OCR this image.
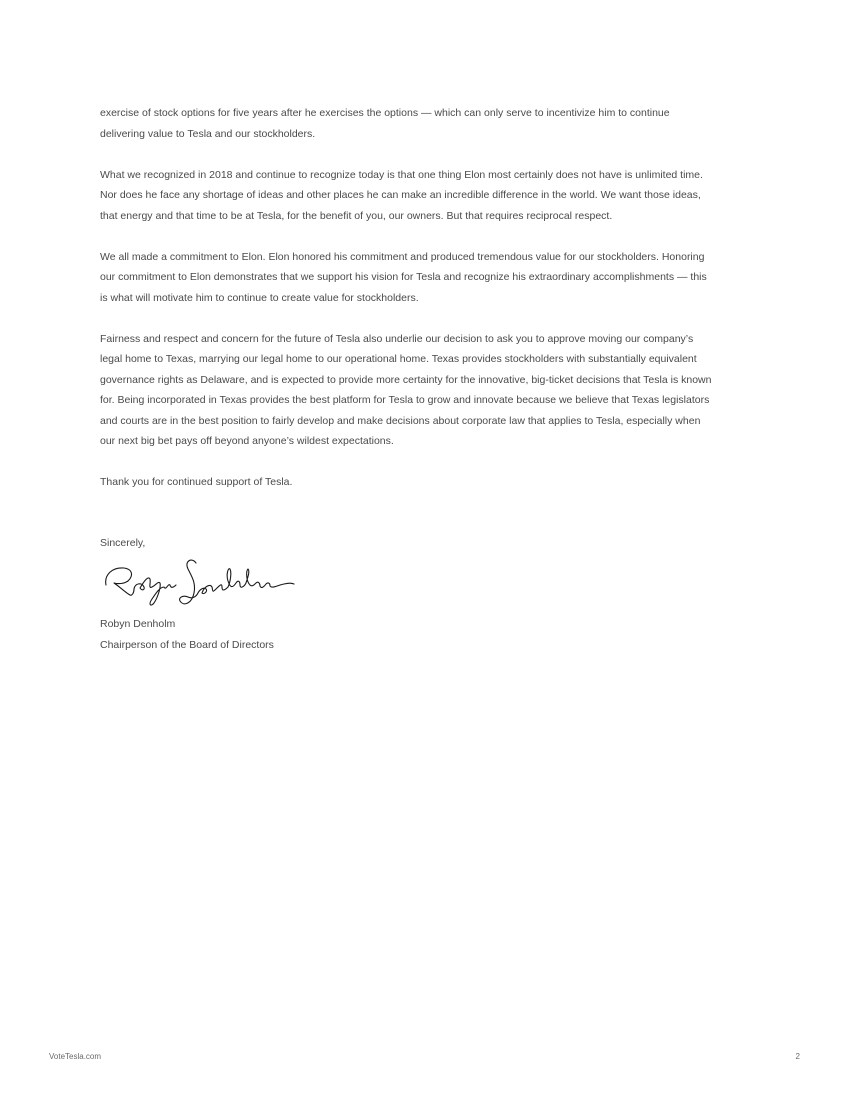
exercise of stock options for five years after he exercises the options — which can only serve to incentivize him to continue
delivering value to Tesla and our stockholders.

What we recognized in 2018 and continue to recognize today is that one thing Elon most certainly does not have is unlimited time.
Nor does he face any shortage of ideas and other places he can make an incredible difference in the world. We want those ideas,
that energy and that time to be at Tesla, for the benefit of you, our owners. But that requires reciprocal respect.

We all made a commitment to Elon. Elon honored his commitment and produced tremendous value for our stockholders. Honoring
our commitment to Elon demonstrates that we support his vision for Tesla and recognize his extraordinary accomplishments — this
is what will motivate him to continue to create value for stockholders.

Fairness and respect and concern for the future of Tesla also underlie our decision to ask you to approve moving our company’s
legal home to Texas, marrying our legal home to our operational home. Texas provides stockholders with substantially equivalent
governance rights as Delaware, and is expected to provide more certainty for the innovative, big-ticket decisions that Tesla is known
for. Being incorporated in Texas provides the best platform for Tesla to grow and innovate because we believe that Texas legislators
and courts are in the best position to fairly develop and make decisions about corporate law that applies to Tesla, especially when
our next big bet pays off beyond anyone’s wildest expectations.

Thank you for continued support of Tesla.

Sincerely,
Robyn Denholm
Chairperson of the Board of Directors
VoteTesla.com	2
